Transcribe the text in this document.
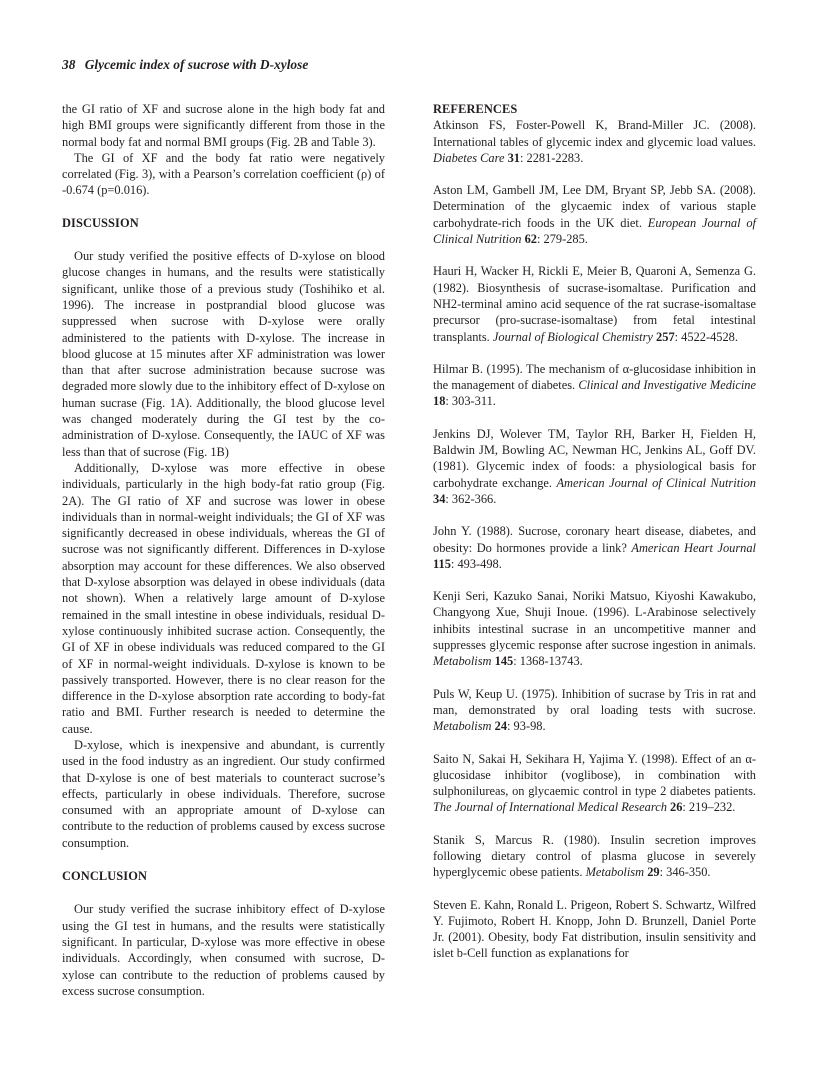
38 Glycemic index of sucrose with D-xylose

the GI ratio of XF and sucrose alone in the high body fat and high BMI groups were significantly different from those in the normal body fat and normal BMI groups (Fig. 2B and Table 3).

The GI of XF and the body fat ratio were negatively correlated (Fig. 3), with a Pearson’s correlation coefficient (ρ) of -0.674 (p=0.016).

DISCUSSION

Our study verified the positive effects of D-xylose on blood glucose changes in humans, and the results were statistically significant, unlike those of a previous study (Toshihiko et al. 1996). The increase in postprandial blood glucose was suppressed when sucrose with D-xylose were orally administered to the patients with D-xylose. The increase in blood glucose at 15 minutes after XF administration was lower than that after sucrose administration because sucrose was degraded more slowly due to the inhibitory effect of D-xylose on human sucrase (Fig. 1A). Additionally, the blood glucose level was changed moderately during the GI test by the co-administration of D-xylose. Consequently, the IAUC of XF was less than that of sucrose (Fig. 1B)

Additionally, D-xylose was more effective in obese individuals, particularly in the high body-fat ratio group (Fig. 2A). The GI ratio of XF and sucrose was lower in obese individuals than in normal-weight individuals; the GI of XF was significantly decreased in obese individuals, whereas the GI of sucrose was not significantly different. Differences in D-xylose absorption may account for these differences. We also observed that D-xylose absorption was delayed in obese individuals (data not shown). When a relatively large amount of D-xylose remained in the small intestine in obese individuals, residual D-xylose continuously inhibited sucrase action. Consequently, the GI of XF in obese individuals was reduced compared to the GI of XF in normal-weight individuals. D-xylose is known to be passively transported. However, there is no clear reason for the difference in the D-xylose absorption rate according to body-fat ratio and BMI. Further research is needed to determine the cause.

D-xylose, which is inexpensive and abundant, is currently used in the food industry as an ingredient. Our study confirmed that D-xylose is one of best materials to counteract sucrose’s effects, particularly in obese individuals. Therefore, sucrose consumed with an appropriate amount of D-xylose can contribute to the reduction of problems caused by excess sucrose consumption.

CONCLUSION

Our study verified the sucrase inhibitory effect of D-xylose using the GI test in humans, and the results were statistically significant. In particular, D-xylose was more effective in obese individuals. Accordingly, when consumed with sucrose, D-xylose can contribute to the reduction of problems caused by excess sucrose consumption.

REFERENCES

Atkinson FS, Foster-Powell K, Brand-Miller JC. (2008). International tables of glycemic index and glycemic load values. Diabetes Care 31: 2281-2283.

Aston LM, Gambell JM, Lee DM, Bryant SP, Jebb SA. (2008). Determination of the glycaemic index of various staple carbohydrate-rich foods in the UK diet. European Journal of Clinical Nutrition 62: 279-285.

Hauri H, Wacker H, Rickli E, Meier B, Quaroni A, Semenza G. (1982). Biosynthesis of sucrase-isomaltase. Purification and NH2-terminal amino acid sequence of the rat sucrase-isomaltase precursor (pro-sucrase-isomaltase) from fetal intestinal transplants. Journal of Biological Chemistry 257: 4522-4528.

Hilmar B. (1995). The mechanism of α-glucosidase inhibition in the management of diabetes. Clinical and Investigative Medicine 18: 303-311.

Jenkins DJ, Wolever TM, Taylor RH, Barker H, Fielden H, Baldwin JM, Bowling AC, Newman HC, Jenkins AL, Goff DV. (1981). Glycemic index of foods: a physiological basis for carbohydrate exchange. American Journal of Clinical Nutrition 34: 362-366.

John Y. (1988). Sucrose, coronary heart disease, diabetes, and obesity: Do hormones provide a link? American Heart Journal 115: 493-498.

Kenji Seri, Kazuko Sanai, Noriki Matsuo, Kiyoshi Kawakubo, Changyong Xue, Shuji Inoue. (1996). L-Arabinose selectively inhibits intestinal sucrase in an uncompetitive manner and suppresses glycemic response after sucrose ingestion in animals. Metabolism 145: 1368-13743.

Puls W, Keup U. (1975). Inhibition of sucrase by Tris in rat and man, demonstrated by oral loading tests with sucrose. Metabolism 24: 93-98.

Saito N, Sakai H, Sekihara H, Yajima Y. (1998). Effect of an α-glucosidase inhibitor (voglibose), in combination with sulphonilureas, on glycaemic control in type 2 diabetes patients. The Journal of International Medical Research 26: 219–232.

Stanik S, Marcus R. (1980). Insulin secretion improves following dietary control of plasma glucose in severely hyperglycemic obese patients. Metabolism 29: 346-350.

Steven E. Kahn, Ronald L. Prigeon, Robert S. Schwartz, Wilfred Y. Fujimoto, Robert H. Knopp, John D. Brunzell, Daniel Porte Jr. (2001). Obesity, body Fat distribution, insulin sensitivity and islet b-Cell function as explanations for
